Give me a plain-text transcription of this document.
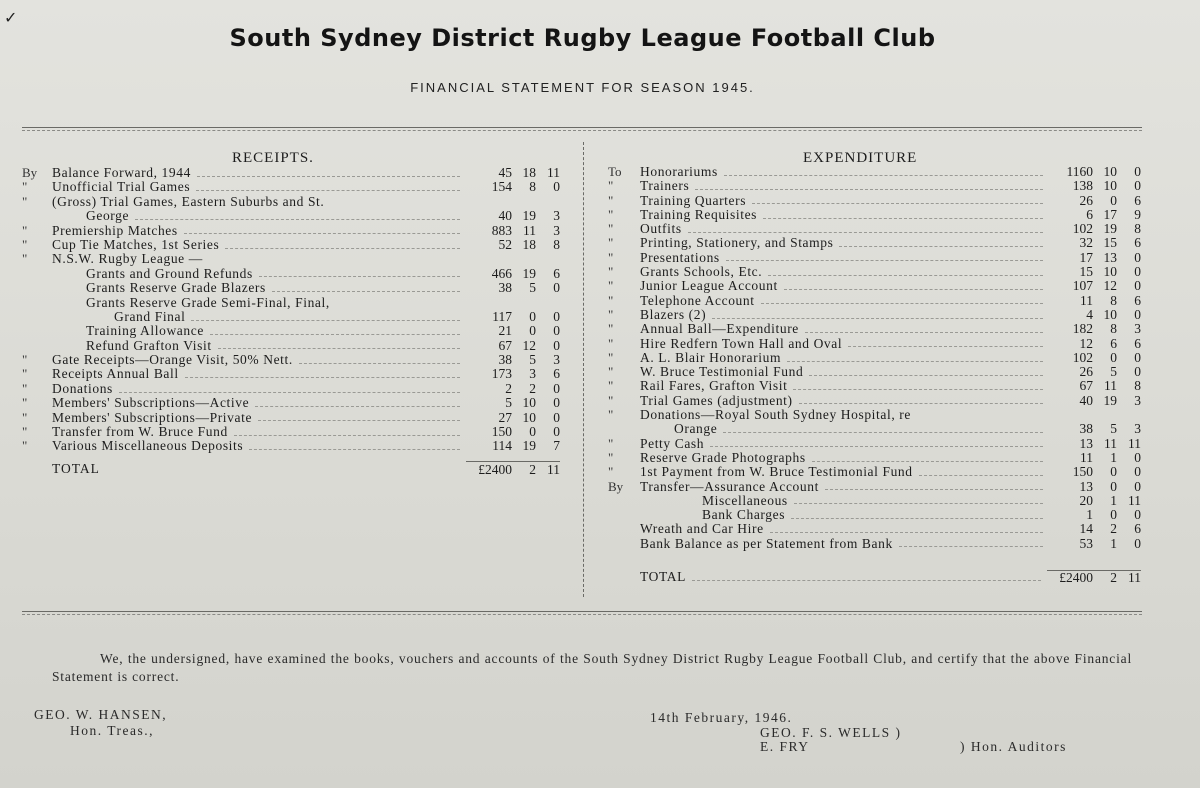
✓
South Sydney District Rugby League Football Club
FINANCIAL STATEMENT FOR SEASON 1945.
RECEIPTS.	EXPENDITURE
By	Balance Forward, 1944	45 18 11
"	Unofficial Trial Games	154	8	0
"	(Gross) Trial Games, Eastern Suburbs and St.
George	40 19	3
"	Premiership Matches	883 11	3
"	Cup Tie Matches, 1st Series	52 18	8
"	N.S.W. Rugby League —
Grants and Ground Refunds	466 19	6
Grants Reserve Grade Blazers	38	5	0
Grants Reserve Grade Semi-Final, Final,
Grand Final	117	0	0
Training Allowance	21	0	0
Refund Grafton Visit	67 12	0
"	Gate Receipts—Orange Visit, 50% Nett.	38	5	3
"	Receipts Annual Ball	173	3	6
"	Donations	2	2	0
"	Members' Subscriptions—Active	5 10	0
"	Members' Subscriptions—Private	27 10	0
"	Transfer from W. Bruce Fund	150	0	0
"	Various Miscellaneous Deposits	114 19	7
TOTAL	£2400	2 11
To	Honorariums	1160 10	0
"	Trainers	138 10	0
"	Training Quarters	26	0	6
"	Training Requisites	6 17	9
"	Outfits	102 19	8
"	Printing, Stationery, and Stamps	32 15	6
"	Presentations	17 13	0
"	Grants Schools, Etc.	15 10	0
"	Junior League Account	107 12	0
"	Telephone Account	11	8	6
"	Blazers (2)	4 10	0
"	Annual Ball—Expenditure	182	8	3
"	Hire Redfern Town Hall and Oval	12	6	6
"	A. L. Blair Honorarium	102	0	0
"	W. Bruce Testimonial Fund	26	5	0
"	Rail Fares, Grafton Visit	67 11	8
"	Trial Games (adjustment)	40 19	3
"	Donations—Royal South Sydney Hospital, re
Orange	38	5	3
"	Petty Cash	13 11 11
"	Reserve Grade Photographs	11	1	0
"	1st Payment from W. Bruce Testimonial Fund	150	0	0
By	Transfer—Assurance Account	13	0	0
Miscellaneous	20	1 11
Bank Charges	1	0	0
Wreath and Car Hire	14	2	6
Bank Balance as per Statement from Bank	53	1	0
TOTAL	£2400	2 11
We, the undersigned, have examined the books, vouchers and accounts of the South Sydney District Rugby League Football Club, and certify that the above Financial Statement is correct.
GEO. W. HANSEN,
Hon. Treas.,
14th February, 1946.
GEO. F. S. WELLS )
E. FRY	) Hon. Auditors
